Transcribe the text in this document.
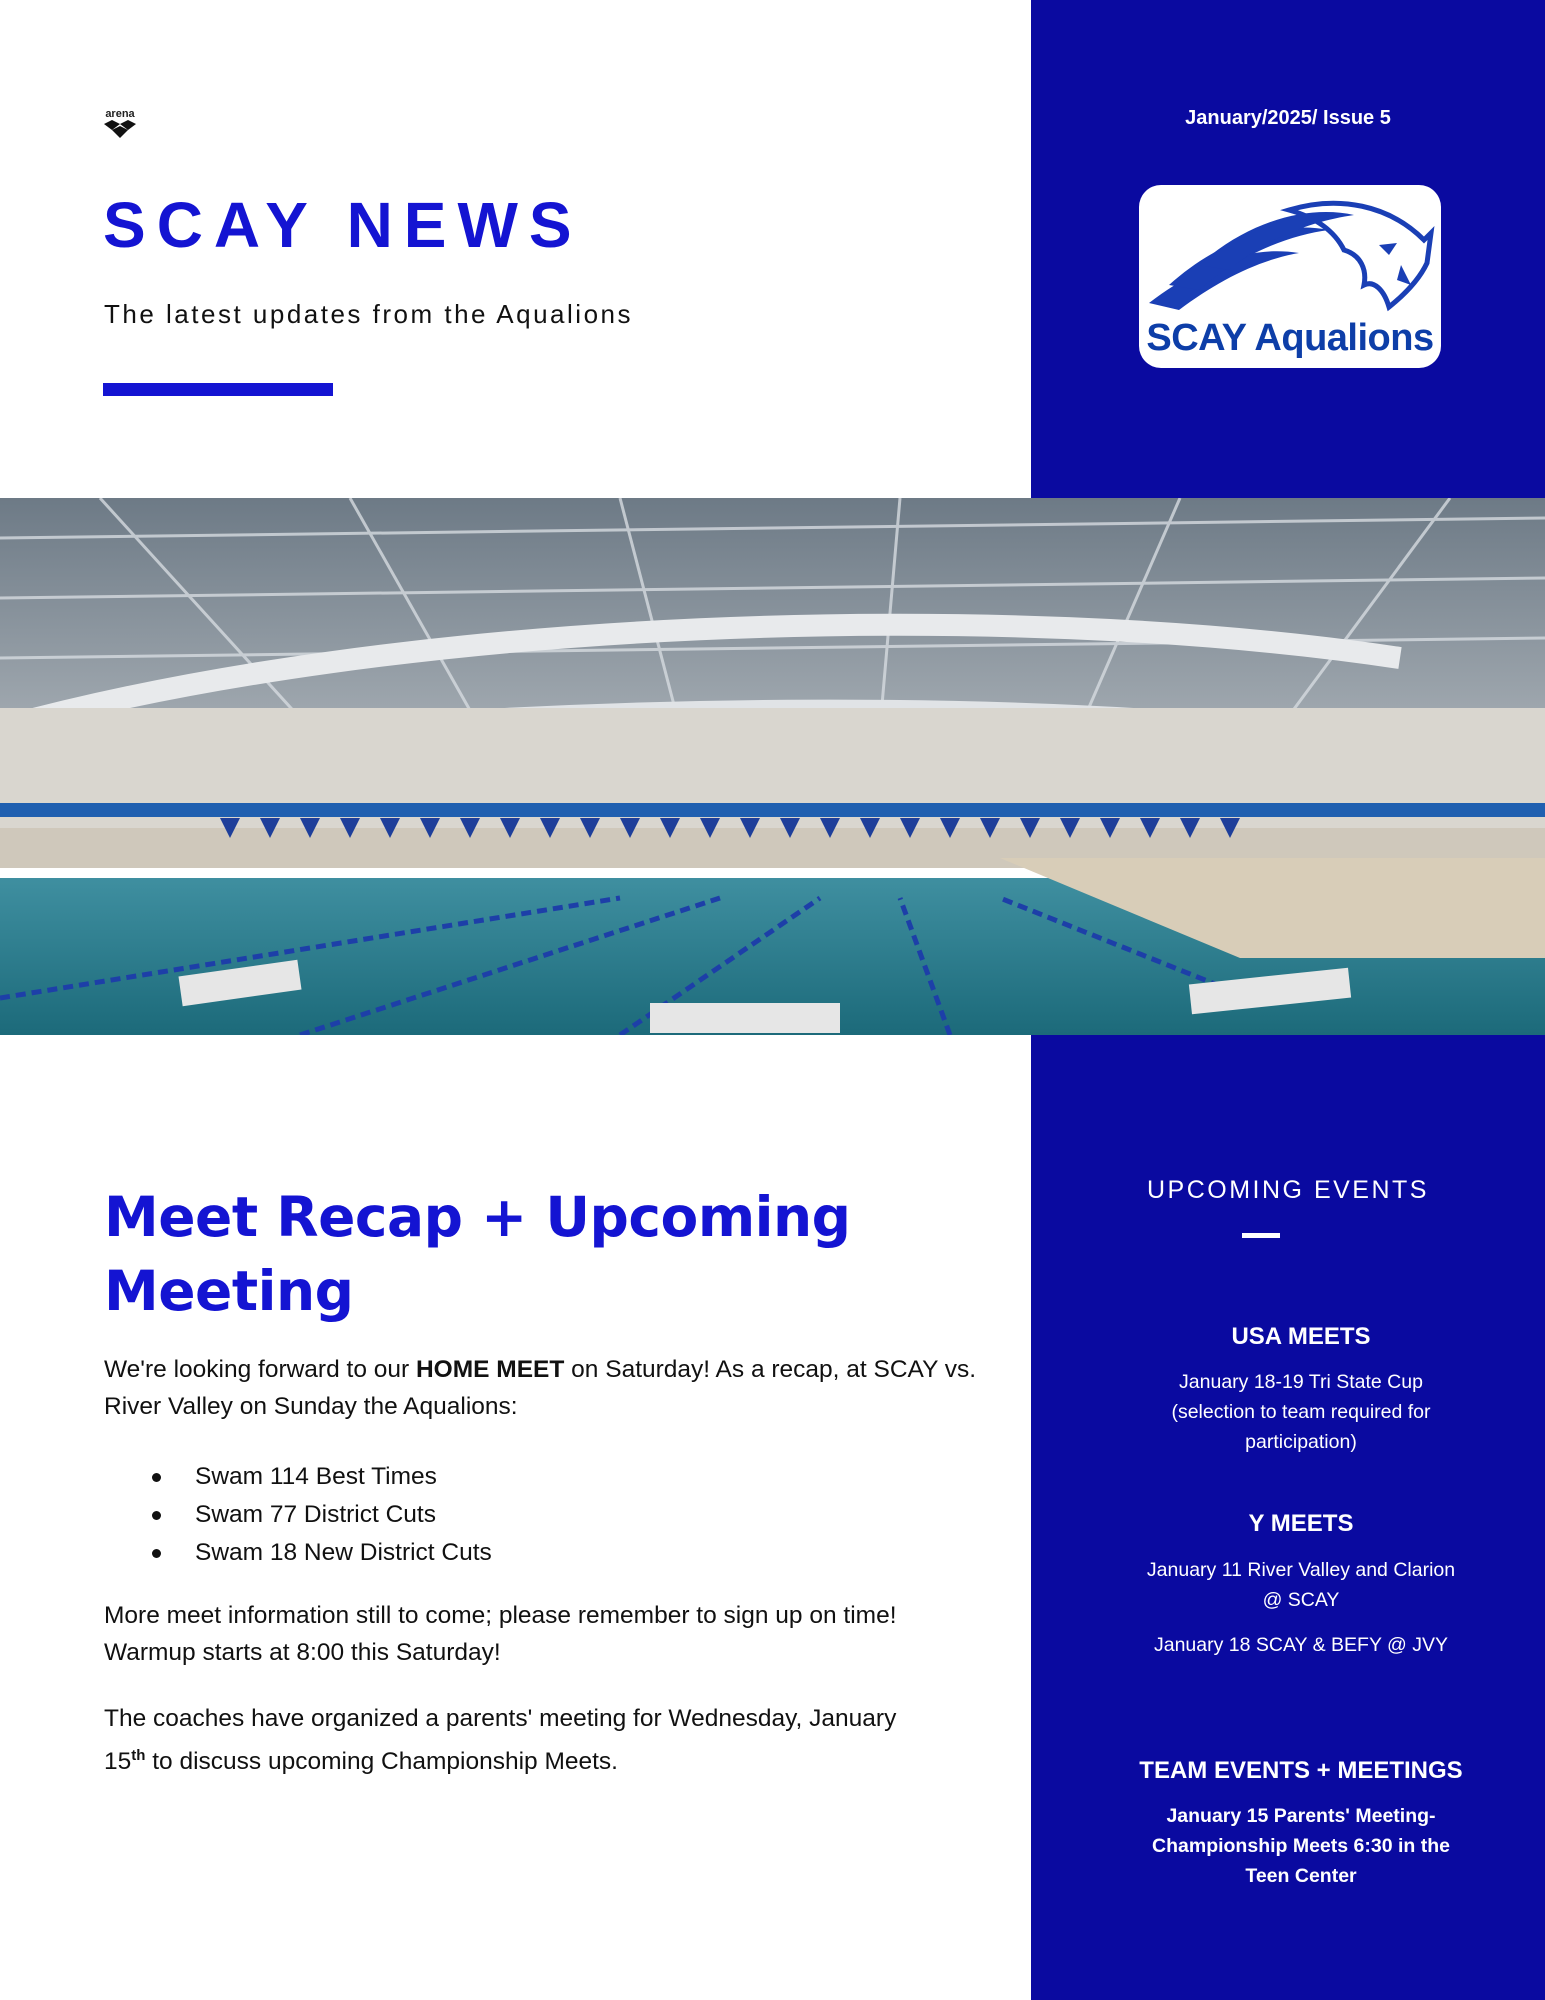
arena
SCAY NEWS
The latest updates from the Aqualions
January/2025/ Issue 5
SCAY Aqualions
Meet Recap + Upcoming
Meeting
We're looking forward to our HOME MEET on Saturday! As a recap, at SCAY vs. River Valley on Sunday the Aqualions:
Swam 114 Best Times
Swam 77 District Cuts
Swam 18 New District Cuts
More meet information still to come; please remember to sign up on time!
Warmup starts at 8:00 this Saturday!
The coaches have organized a parents' meeting for Wednesday, January
15th to discuss upcoming Championship Meets.
UPCOMING EVENTS
USA MEETS
January 18-19 Tri State Cup
(selection to team required for
participation)
Y MEETS
January 11 River Valley and Clarion
@ SCAY
January 18 SCAY & BEFY @ JVY
TEAM EVENTS + MEETINGS
January 15 Parents' Meeting-
Championship Meets 6:30 in the
Teen Center
